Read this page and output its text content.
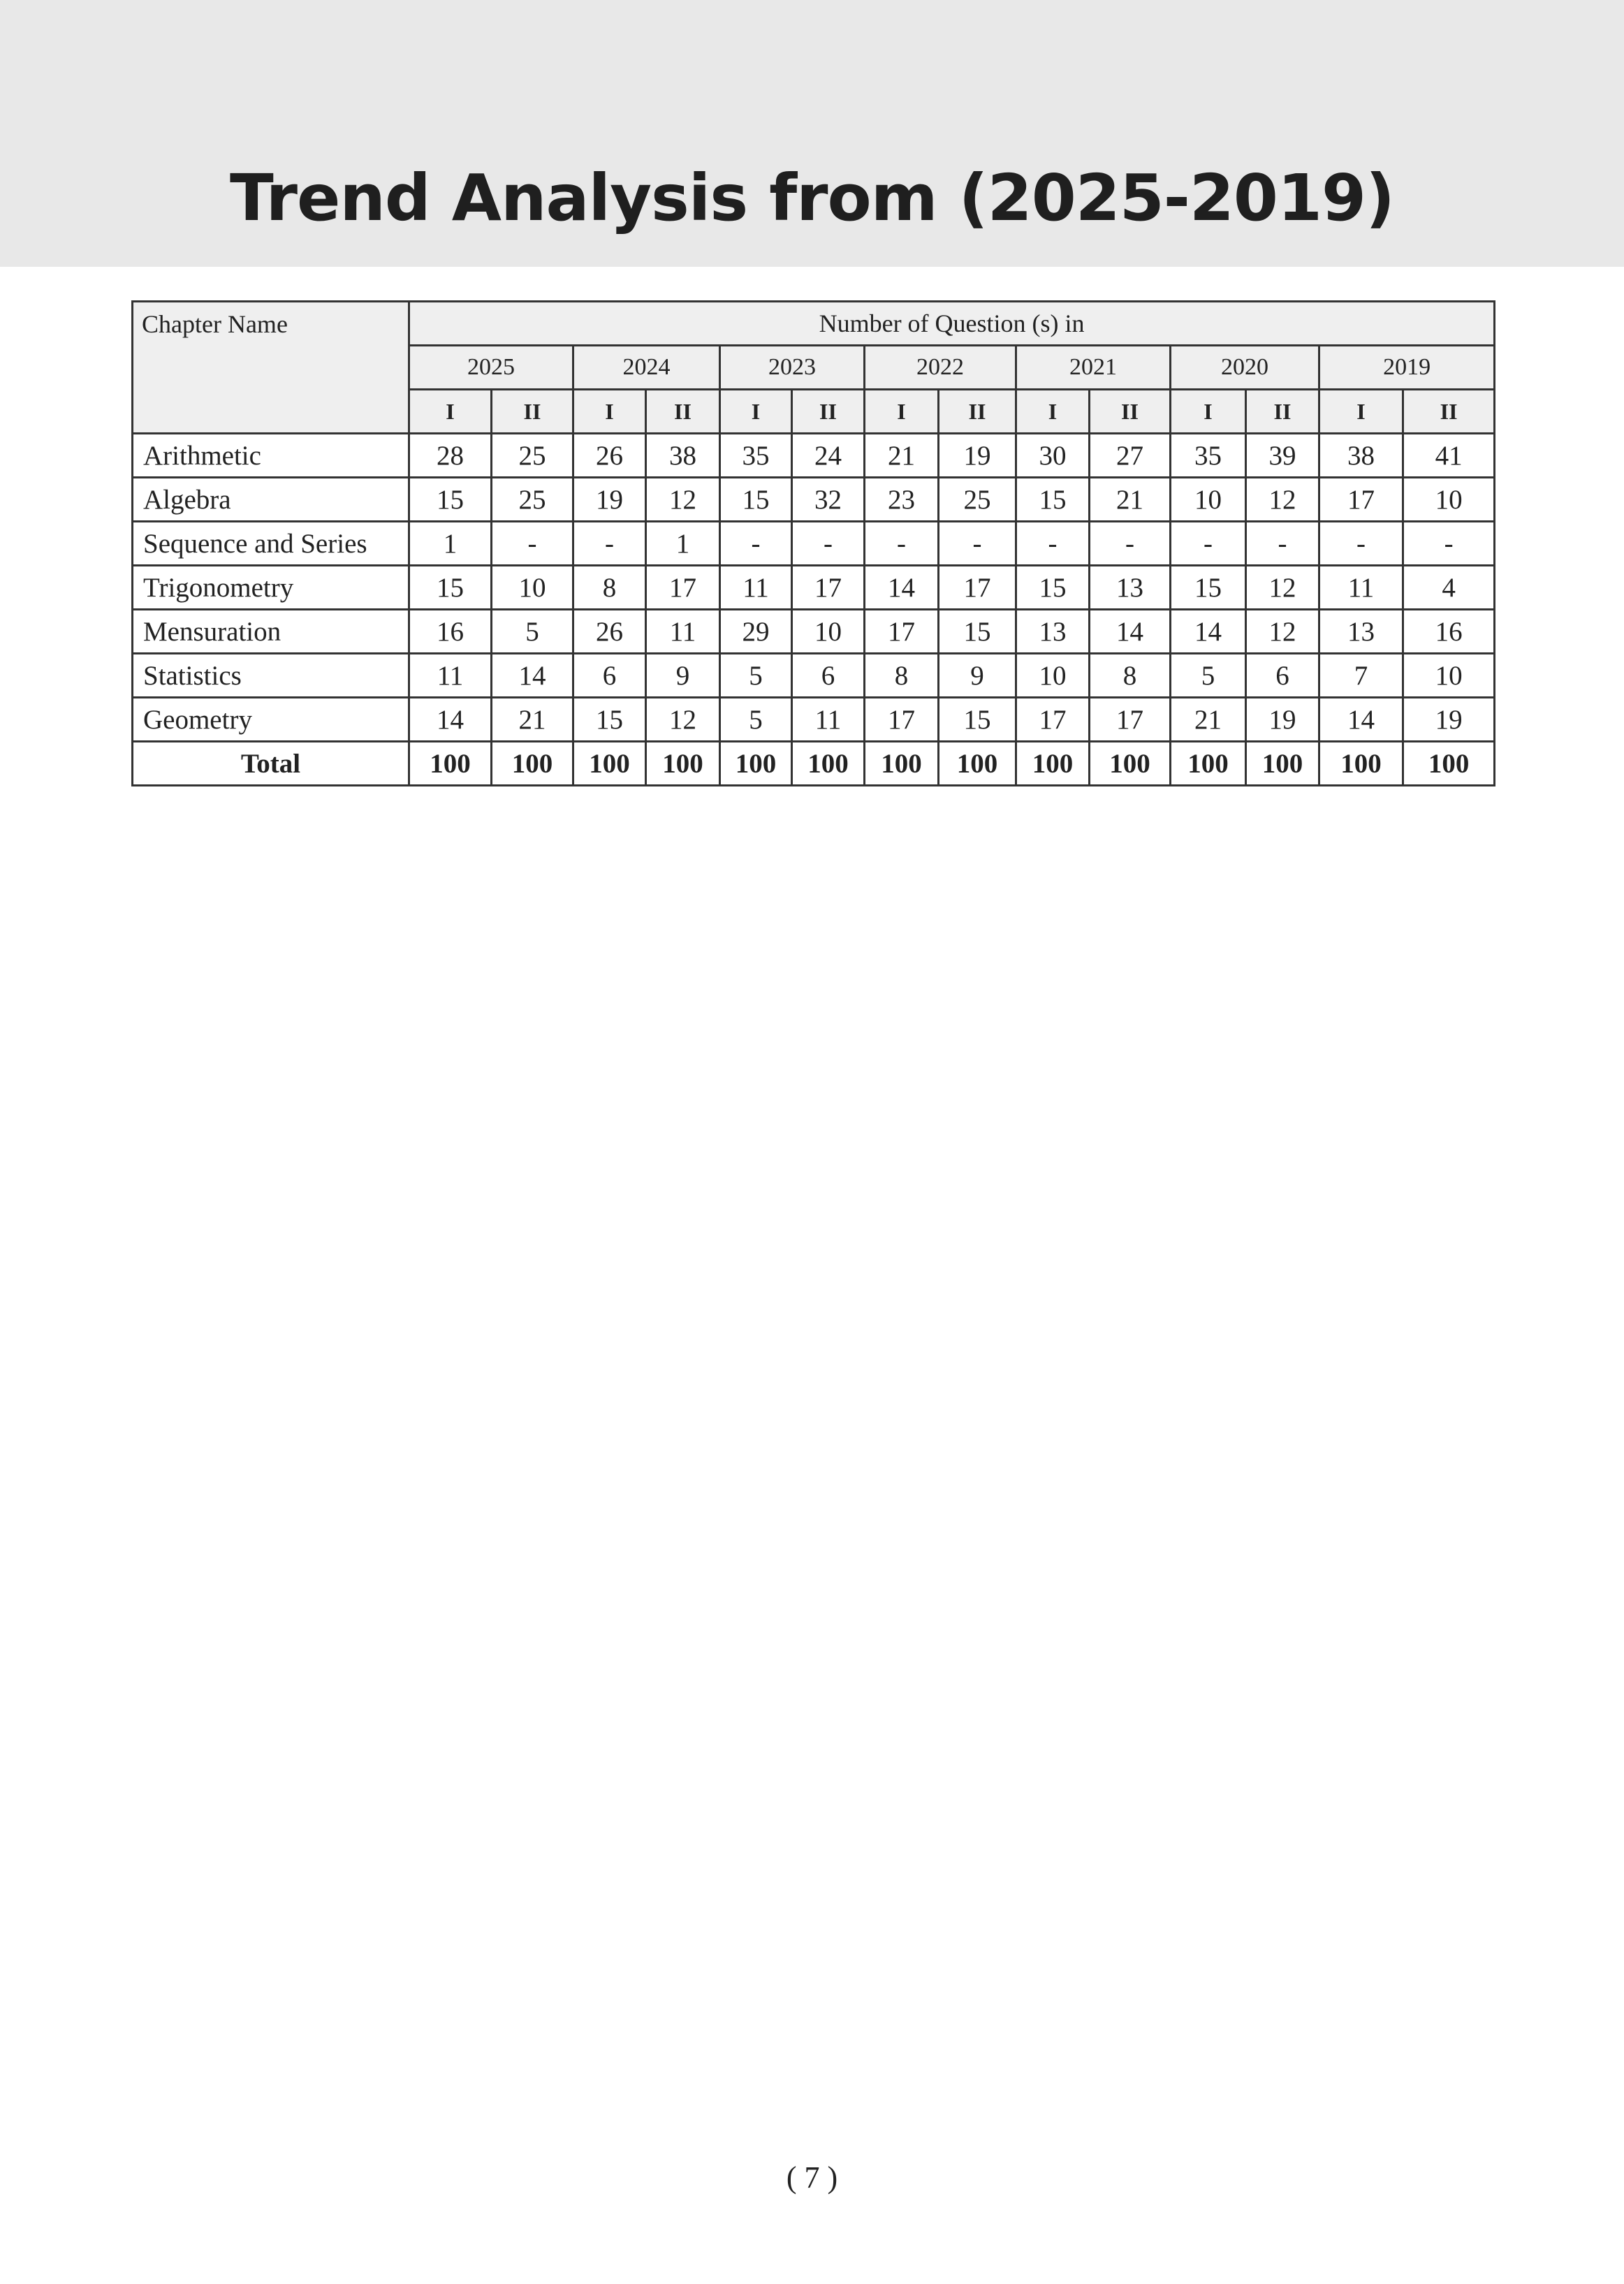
Trend Analysis from (2025-2019)
Chapter Name	Number of Question (s) in													
	2025		2024		2023		2022		2021		2020		2019	
	I	II	I	II	I	II	I	II	I	II	I	II	I	II
Arithmetic	28	25	26	38	35	24	21	19	30	27	35	39	38	41
Algebra	15	25	19	12	15	32	23	25	15	21	10	12	17	10
Sequence and Series	1	-	-	1	-	-	-	-	-	-	-	-	-	-
Trigonometry	15	10	8	17	11	17	14	17	15	13	15	12	11	4
Mensuration	16	5	26	11	29	10	17	15	13	14	14	12	13	16
Statistics	11	14	6	9	5	6	8	9	10	8	5	6	7	10
Geometry	14	21	15	12	5	11	17	15	17	17	21	19	14	19
Total	100	100	100	100	100	100	100	100	100	100	100	100	100	100
( 7 )
